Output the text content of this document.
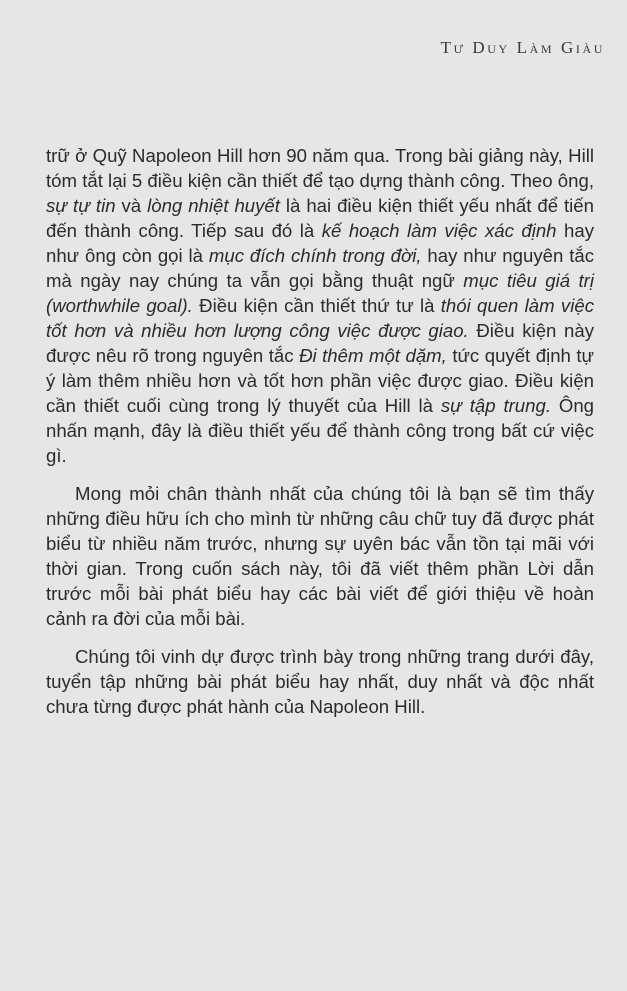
Tư Duy Làm Giàu

trữ ở Quỹ Napoleon Hill hơn 90 năm qua. Trong bài giảng này, Hill tóm tắt lại 5 điều kiện cần thiết để tạo dựng thành công. Theo ông, sự tự tin và lòng nhiệt huyết là hai điều kiện thiết yếu nhất để tiến đến thành công. Tiếp sau đó là kế hoạch làm việc xác định hay như ông còn gọi là mục đích chính trong đời, hay như nguyên tắc mà ngày nay chúng ta vẫn gọi bằng thuật ngữ mục tiêu giá trị (worthwhile goal). Điều kiện cần thiết thứ tư là thói quen làm việc tốt hơn và nhiều hơn lượng công việc được giao. Điều kiện này được nêu rõ trong nguyên tắc Đi thêm một dặm, tức quyết định tự ý làm thêm nhiều hơn và tốt hơn phần việc được giao. Điều kiện cần thiết cuối cùng trong lý thuyết của Hill là sự tập trung. Ông nhấn mạnh, đây là điều thiết yếu để thành công trong bất cứ việc gì.

Mong mỏi chân thành nhất của chúng tôi là bạn sẽ tìm thấy những điều hữu ích cho mình từ những câu chữ tuy đã được phát biểu từ nhiều năm trước, nhưng sự uyên bác vẫn tồn tại mãi với thời gian. Trong cuốn sách này, tôi đã viết thêm phần Lời dẫn trước mỗi bài phát biểu hay các bài viết để giới thiệu về hoàn cảnh ra đời của mỗi bài.

Chúng tôi vinh dự được trình bày trong những trang dưới đây, tuyển tập những bài phát biểu hay nhất, duy nhất và độc nhất chưa từng được phát hành của Napoleon Hill.
